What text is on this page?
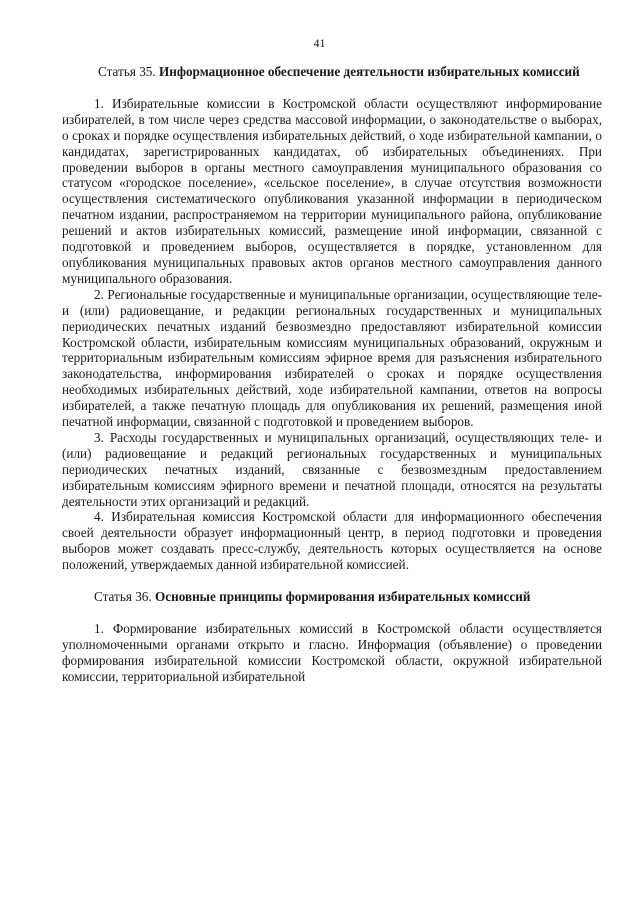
41

Статья 35. Информационное обеспечение деятельности избирательных комиссий

1. Избирательные комиссии в Костромской области осуществляют информирование избирателей, в том числе через средства массовой информации, о законодательстве о выборах, о сроках и порядке осуществления избирательных действий, о ходе избирательной кампании, о кандидатах, зарегистрированных кандидатах, об избирательных объединениях. При проведении выборов в органы местного самоуправления муниципального образования со статусом «городское поселение», «сельское поселение», в случае отсутствия возможности осуществления систематического опубликования указанной информации в периодическом печатном издании, распространяемом на территории муниципального района, опубликование решений и актов избирательных комиссий, размещение иной информации, связанной с подготовкой и проведением выборов, осуществляется в порядке, установленном для опубликования муниципальных правовых актов органов местного самоуправления данного муниципального образования.

2. Региональные государственные и муниципальные организации, осуществляющие теле- и (или) радиовещание, и редакции региональных государственных и муниципальных периодических печатных изданий безвозмездно предоставляют избирательной комиссии Костромской области, избирательным комиссиям муниципальных образований, окружным и территориальным избирательным комиссиям эфирное время для разъяснения избирательного законодательства, информирования избирателей о сроках и порядке осуществления необходимых избирательных действий, ходе избирательной кампании, ответов на вопросы избирателей, а также печатную площадь для опубликования их решений, размещения иной печатной информации, связанной с подготовкой и проведением выборов.

3. Расходы государственных и муниципальных организаций, осуществляющих теле- и (или) радиовещание и редакций региональных государственных и муниципальных периодических печатных изданий, связанные с безвозмездным предоставлением избирательным комиссиям эфирного времени и печатной площади, относятся на результаты деятельности этих организаций и редакций.

4. Избирательная комиссия Костромской области для информационного обеспечения своей деятельности образует информационный центр, в период подготовки и проведения выборов может создавать пресс-службу, деятельность которых осуществляется на основе положений, утверждаемых данной избирательной комиссией.

Статья 36. Основные принципы формирования избирательных комиссий

1. Формирование избирательных комиссий в Костромской области осуществляется уполномоченными органами открыто и гласно. Информация (объявление) о проведении формирования избирательной комиссии Костромской области, окружной избирательной комиссии, территориальной избирательной
